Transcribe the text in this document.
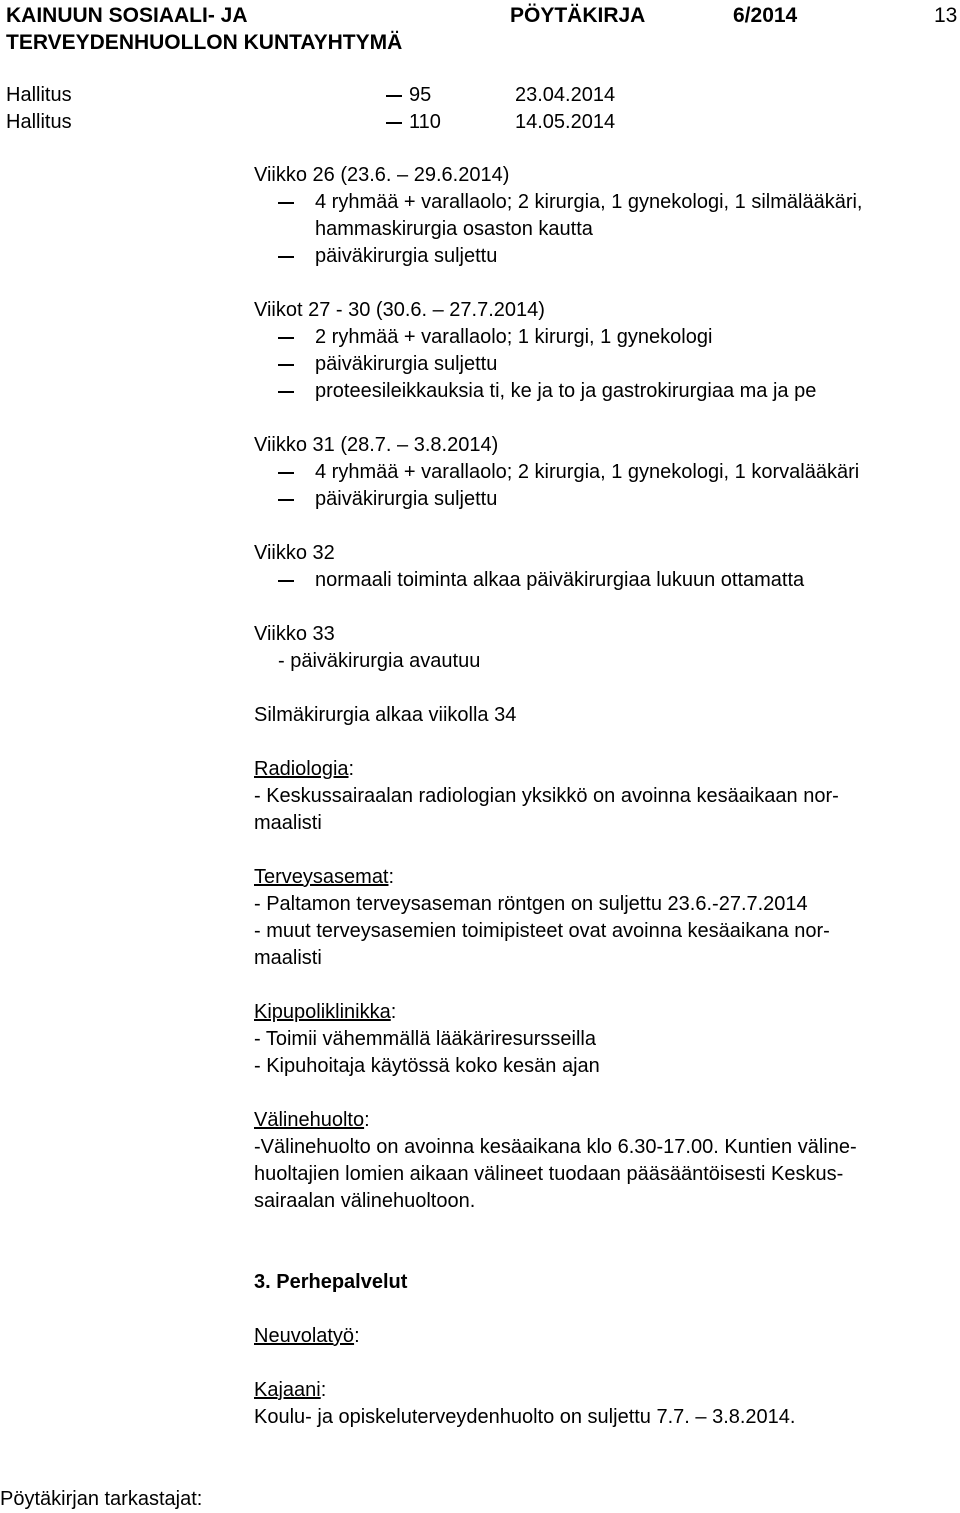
KAINUUN SOSIAALI- JA
TERVEYDENHUOLLON KUNTAYHTYMÄ
PÖYTÄKIRJA	6/2014	13
Hallitus	95	23.04.2014
Hallitus	110	14.05.2014
Viikko 26 (23.6. – 29.6.2014)
4 ryhmää + varallaolo; 2 kirurgia, 1 gynekologi, 1 silmälääkäri,
hammaskirurgia osaston kautta
päiväkirurgia suljettu
Viikot 27 - 30 (30.6. – 27.7.2014)
2 ryhmää + varallaolo; 1 kirurgi, 1 gynekologi
päiväkirurgia suljettu
proteesileikkauksia ti, ke ja to ja gastrokirurgiaa ma ja pe
Viikko 31 (28.7. – 3.8.2014)
4 ryhmää + varallaolo; 2 kirurgia, 1 gynekologi, 1 korvalääkäri
päiväkirurgia suljettu
Viikko 32
normaali toiminta alkaa päiväkirurgiaa lukuun ottamatta
Viikko 33
- päiväkirurgia avautuu
Silmäkirurgia alkaa viikolla 34
Radiologia:
- Keskussairaalan radiologian yksikkö on avoinna kesäaikaan nor-
maalisti
Terveysasemat:
- Paltamon terveysaseman röntgen on suljettu 23.6.-27.7.2014
- muut terveysasemien toimipisteet ovat avoinna kesäaikana nor-
maalisti
Kipupoliklinikka:
- Toimii vähemmällä lääkäriresursseilla
- Kipuhoitaja käytössä koko kesän ajan
Välinehuolto:
-Välinehuolto on avoinna kesäaikana klo 6.30-17.00. Kuntien väline-
huoltajien lomien aikaan välineet tuodaan pääsääntöisesti Keskus-
sairaalan välinehuoltoon.
3. Perhepalvelut
Neuvolatyö:
Kajaani:
Koulu- ja opiskeluterveydenhuolto on suljettu 7.7. – 3.8.2014.
Pöytäkirjan tarkastajat:
